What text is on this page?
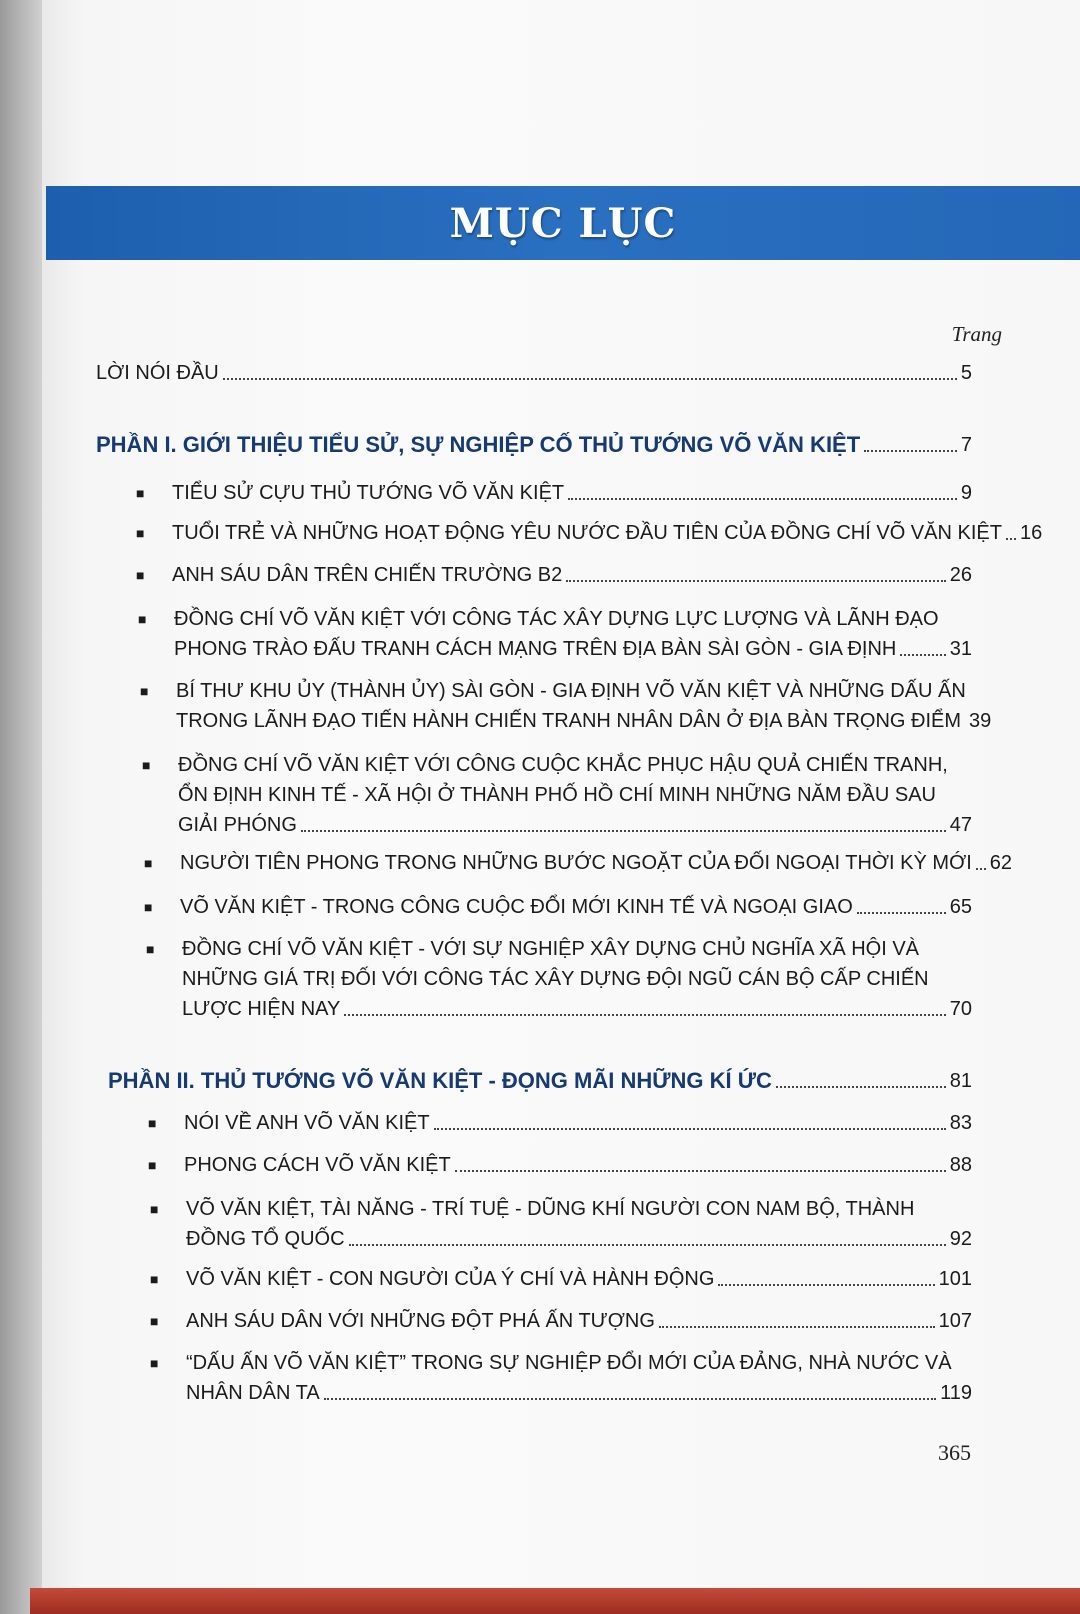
MỤC LỤC
Trang
LỜI NÓI ĐẦU	5
PHẦN I. GIỚI THIỆU TIỂU SỬ, SỰ NGHIỆP CỐ THỦ TƯỚNG VÕ VĂN KIỆT	7
■ TIỂU SỬ CỰU THỦ TƯỚNG VÕ VĂN KIỆT	9
■ TUỔI TRẺ VÀ NHỮNG HOẠT ĐỘNG YÊU NƯỚC ĐẦU TIÊN CỦA ĐỒNG CHÍ VÕ VĂN KIỆT 16
■ ANH SÁU DÂN TRÊN CHIẾN TRƯỜNG B2	26
■ ĐỒNG CHÍ VÕ VĂN KIỆT VỚI CÔNG TÁC XÂY DỰNG LỰC LƯỢNG VÀ LÃNH ĐẠO
PHONG TRÀO ĐẤU TRANH CÁCH MẠNG TRÊN ĐỊA BÀN SÀI GÒN - GIA ĐỊNH	31
■ BÍ THƯ KHU ỦY (THÀNH ỦY) SÀI GÒN - GIA ĐỊNH VÕ VĂN KIỆT VÀ NHỮNG DẤU ẤN
TRONG LÃNH ĐẠO TIẾN HÀNH CHIẾN TRANH NHÂN DÂN Ở ĐỊA BÀN TRỌNG ĐIỂM 39
■ ĐỒNG CHÍ VÕ VĂN KIỆT VỚI CÔNG CUỘC KHẮC PHỤC HẬU QUẢ CHIẾN TRANH,
ỔN ĐỊNH KINH TẾ - XÃ HỘI Ở THÀNH PHỐ HỒ CHÍ MINH NHỮNG NĂM ĐẦU SAU
GIẢI PHÓNG	47
■ NGƯỜI TIÊN PHONG TRONG NHỮNG BƯỚC NGOẶT CỦA ĐỐI NGOẠI THỜI KỲ MỚI 62
■ VÕ VĂN KIỆT - TRONG CÔNG CUỘC ĐỔI MỚI KINH TẾ VÀ NGOẠI GIAO	65
■ ĐỒNG CHÍ VÕ VĂN KIỆT - VỚI SỰ NGHIỆP XÂY DỰNG CHỦ NGHĨA XÃ HỘI VÀ
NHỮNG GIÁ TRỊ ĐỐI VỚI CÔNG TÁC XÂY DỰNG ĐỘI NGŨ CÁN BỘ CẤP CHIẾN
LƯỢC HIỆN NAY	70
PHẦN II. THỦ TƯỚNG VÕ VĂN KIỆT - ĐỌNG MÃI NHỮNG KÍ ỨC	81
■ NÓI VỀ ANH VÕ VĂN KIỆT	83
■ PHONG CÁCH VÕ VĂN KIỆT	88
■ VÕ VĂN KIỆT, TÀI NĂNG - TRÍ TUỆ - DŨNG KHÍ NGƯỜI CON NAM BỘ, THÀNH
ĐỒNG TỔ QUỐC	92
■ VÕ VĂN KIỆT - CON NGƯỜI CỦA Ý CHÍ VÀ HÀNH ĐỘNG	101
■ ANH SÁU DÂN VỚI NHỮNG ĐỘT PHÁ ẤN TƯỢNG	107
■ “DẤU ẤN VÕ VĂN KIỆT” TRONG SỰ NGHIỆP ĐỔI MỚI CỦA ĐẢNG, NHÀ NƯỚC VÀ
NHÂN DÂN TA	119
365
